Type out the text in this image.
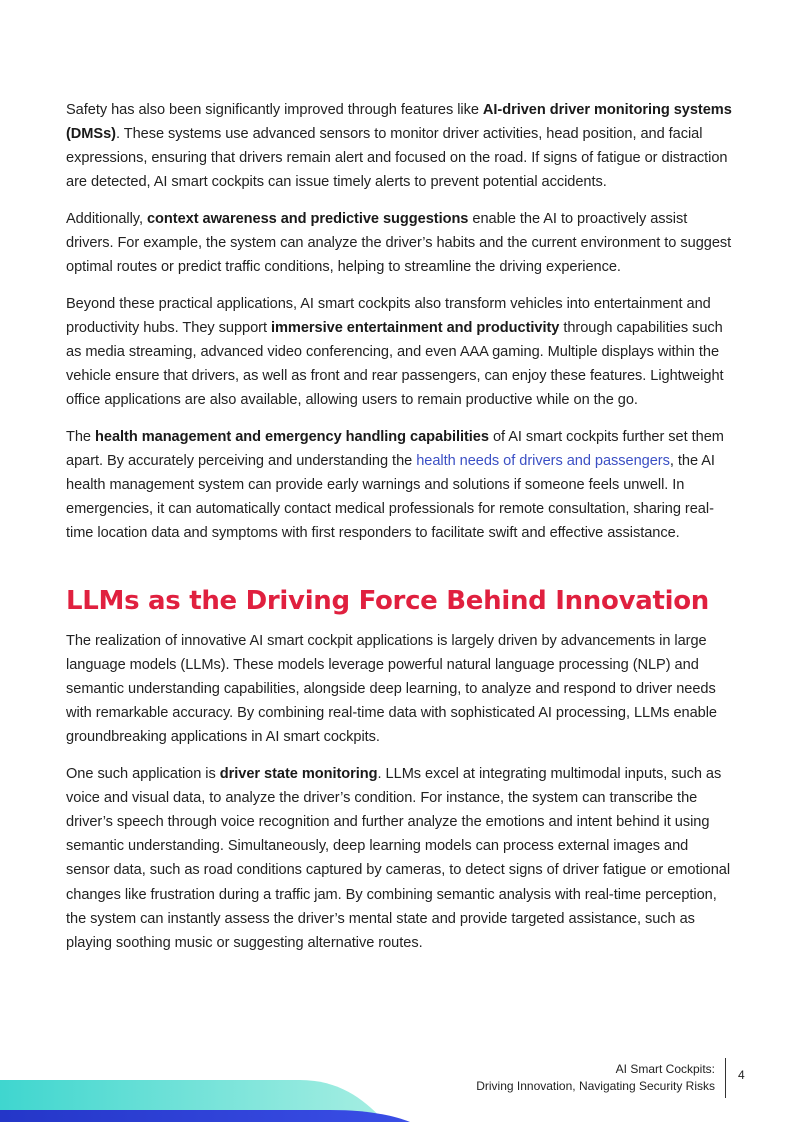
Safety has also been significantly improved through features like AI-driven driver monitoring systems (DMSs). These systems use advanced sensors to monitor driver activities, head position, and facial expressions, ensuring that drivers remain alert and focused on the road. If signs of fatigue or distraction are detected, AI smart cockpits can issue timely alerts to prevent potential accidents.

Additionally, context awareness and predictive suggestions enable the AI to proactively assist drivers. For example, the system can analyze the driver’s habits and the current environment to suggest optimal routes or predict traffic conditions, helping to streamline the driving experience.

Beyond these practical applications, AI smart cockpits also transform vehicles into entertainment and productivity hubs. They support immersive entertainment and productivity through capabilities such as media streaming, advanced video conferencing, and even AAA gaming. Multiple displays within the vehicle ensure that drivers, as well as front and rear passengers, can enjoy these features. Lightweight office applications are also available, allowing users to remain productive while on the go.

The health management and emergency handling capabilities of AI smart cockpits further set them apart. By accurately perceiving and understanding the health needs of drivers and passengers, the AI health management system can provide early warnings and solutions if someone feels unwell. In emergencies, it can automatically contact medical professionals for remote consultation, sharing real-time location data and symptoms with first responders to facilitate swift and effective assistance.

LLMs as the Driving Force Behind Innovation

The realization of innovative AI smart cockpit applications is largely driven by advancements in large language models (LLMs). These models leverage powerful natural language processing (NLP) and semantic understanding capabilities, alongside deep learning, to analyze and respond to driver needs with remarkable accuracy. By combining real-time data with sophisticated AI processing, LLMs enable groundbreaking applications in AI smart cockpits.

One such application is driver state monitoring. LLMs excel at integrating multimodal inputs, such as voice and visual data, to analyze the driver’s condition. For instance, the system can transcribe the driver’s speech through voice recognition and further analyze the emotions and intent behind it using semantic understanding. Simultaneously, deep learning models can process external images and sensor data, such as road conditions captured by cameras, to detect signs of driver fatigue or emotional changes like frustration during a traffic jam. By combining semantic analysis with real-time perception, the system can instantly assess the driver’s mental state and provide targeted assistance, such as playing soothing music or suggesting alternative routes.

AI Smart Cockpits:
Driving Innovation, Navigating Security Risks
4
